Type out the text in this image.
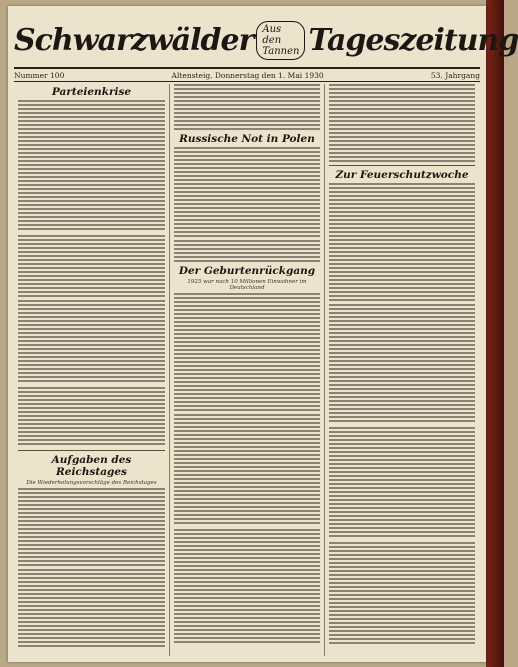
Schwarzwälder Aus den Tannen Tageszeitung
Nummer 100	Altensteig, Donnerstag den 1. Mai 1930	53. Jahrgang
Parteienkrise
Aufgaben des Reichstages
Die Wiederholungsvorschläge des Reichstages
Russische Not in Polen
Der Geburtenrückgang
1925 war nach 10 Millionen Einwohner im Deutschland
Zur Feuerschutzwoche
